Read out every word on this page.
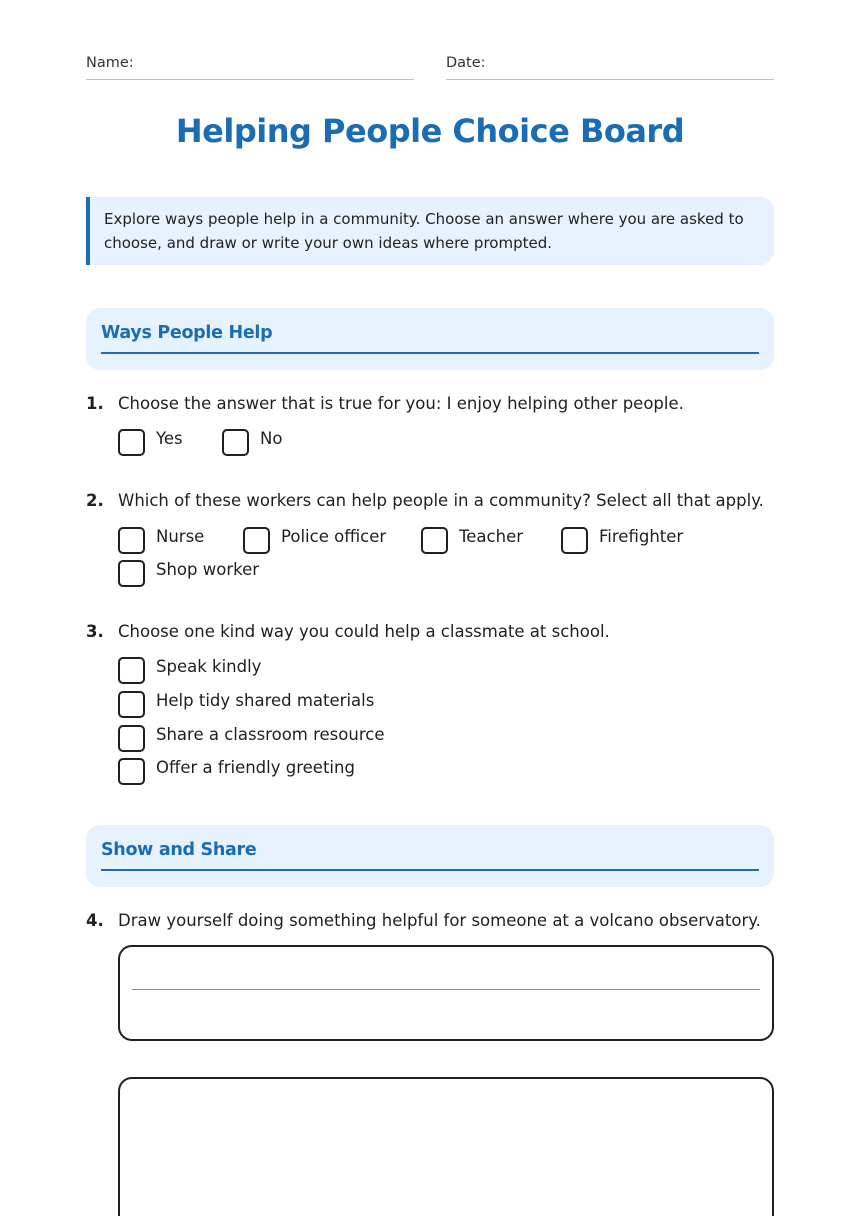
Name:	Date:
Helping People Choice Board
Explore ways people help in a community. Choose an answer where you are asked to choose, and draw or write your own ideas where prompted.
Ways People Help
1. Choose the answer that is true for you: I enjoy helping other people.
Yes	No
2. Which of these workers can help people in a community? Select all that apply.
Nurse	Police officer	Teacher	Firefighter
Shop worker
3. Choose one kind way you could help a classmate at school.
Speak kindly
Help tidy shared materials
Share a classroom resource
Offer a friendly greeting
Show and Share
4. Draw yourself doing something helpful for someone at a volcano observatory.
